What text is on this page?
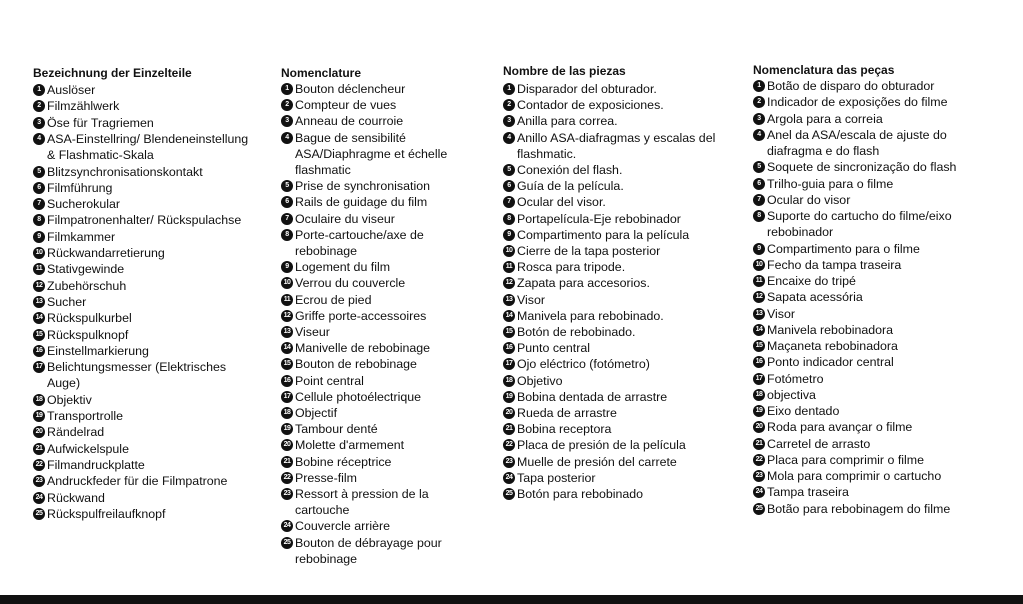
Bezeichnung der Einzelteile
1 Auslöser
2 Filmzählwerk
3 Öse für Tragriemen
4 ASA-Einstellring/ Blendeneinstellung & Flashmatic-Skala
5 Blitzsynchronisationskontakt
6 Filmführung
7 Sucherokular
8 Filmpatronenhalter/ Rückspulachse
9 Filmkammer
10 Rückwandarretierung
11 Stativgewinde
12 Zubehörschuh
13 Sucher
14 Rückspulkurbel
15 Rückspulknopf
16 Einstellmarkierung
17 Belichtungsmesser (Elektrisches Auge)
18 Objektiv
19 Transportrolle
20 Rändelrad
21 Aufwickelspule
22 Filmandruckplatte
23 Andruckfeder für die Filmpatrone
24 Rückwand
25 Rückspulfreilaufknopf
Nomenclature
1 Bouton déclencheur
2 Compteur de vues
3 Anneau de courroie
4 Bague de sensibilité ASA/Diaphragme et échelle flashmatic
5 Prise de synchronisation
6 Rails de guidage du film
7 Oculaire du viseur
8 Porte-cartouche/axe de rebobinage
9 Logement du film
10 Verrou du couvercle
11 Ecrou de pied
12 Griffe porte-accessoires
13 Viseur
14 Manivelle de rebobinage
15 Bouton de rebobinage
16 Point central
17 Cellule photoélectrique
18 Objectif
19 Tambour denté
20 Molette d'armement
21 Bobine réceptrice
22 Presse-film
23 Ressort à pression de la cartouche
24 Couvercle arrière
25 Bouton de débrayage pour rebobinage
Nombre de las piezas
1 Disparador del obturador.
2 Contador de exposiciones.
3 Anilla para correa.
4 Anillo ASA-diafragmas y escalas del flashmatic.
5 Conexión del flash.
6 Guía de la película.
7 Ocular del visor.
8 Portapelícula-Eje rebobinador
9 Compartimento para la película
10 Cierre de la tapa posterior
11 Rosca para tripode.
12 Zapata para accesorios.
13 Visor
14 Manivela para rebobinado.
15 Botón de rebobinado.
16 Punto central
17 Ojo eléctrico (fotómetro)
18 Objetivo
19 Bobina dentada de arrastre
20 Rueda de arrastre
21 Bobina receptora
22 Placa de presión de la película
23 Muelle de presión del carrete
24 Tapa posterior
25 Botón para rebobinado
Nomenclatura das peças
1 Botão de disparo do obturador
2 Indicador de exposições do filme
3 Argola para a correia
4 Anel da ASA/escala de ajuste do diafragma e do flash
5 Soquete de sincronização do flash
6 Trilho-guia para o filme
7 Ocular do visor
8 Suporte do cartucho do filme/eixo rebobinador
9 Compartimento para o filme
10 Fecho da tampa traseira
11 Encaixe do tripé
12 Sapata acessória
13 Visor
14 Manivela rebobinadora
15 Maçaneta rebobinadora
16 Ponto indicador central
17 Fotómetro
18 objectiva
19 Eixo dentado
20 Roda para avançar o filme
21 Carretel de arrasto
22 Placa para comprimir o filme
23 Mola para comprimir o cartucho
24 Tampa traseira
25 Botão para rebobinagem do filme
